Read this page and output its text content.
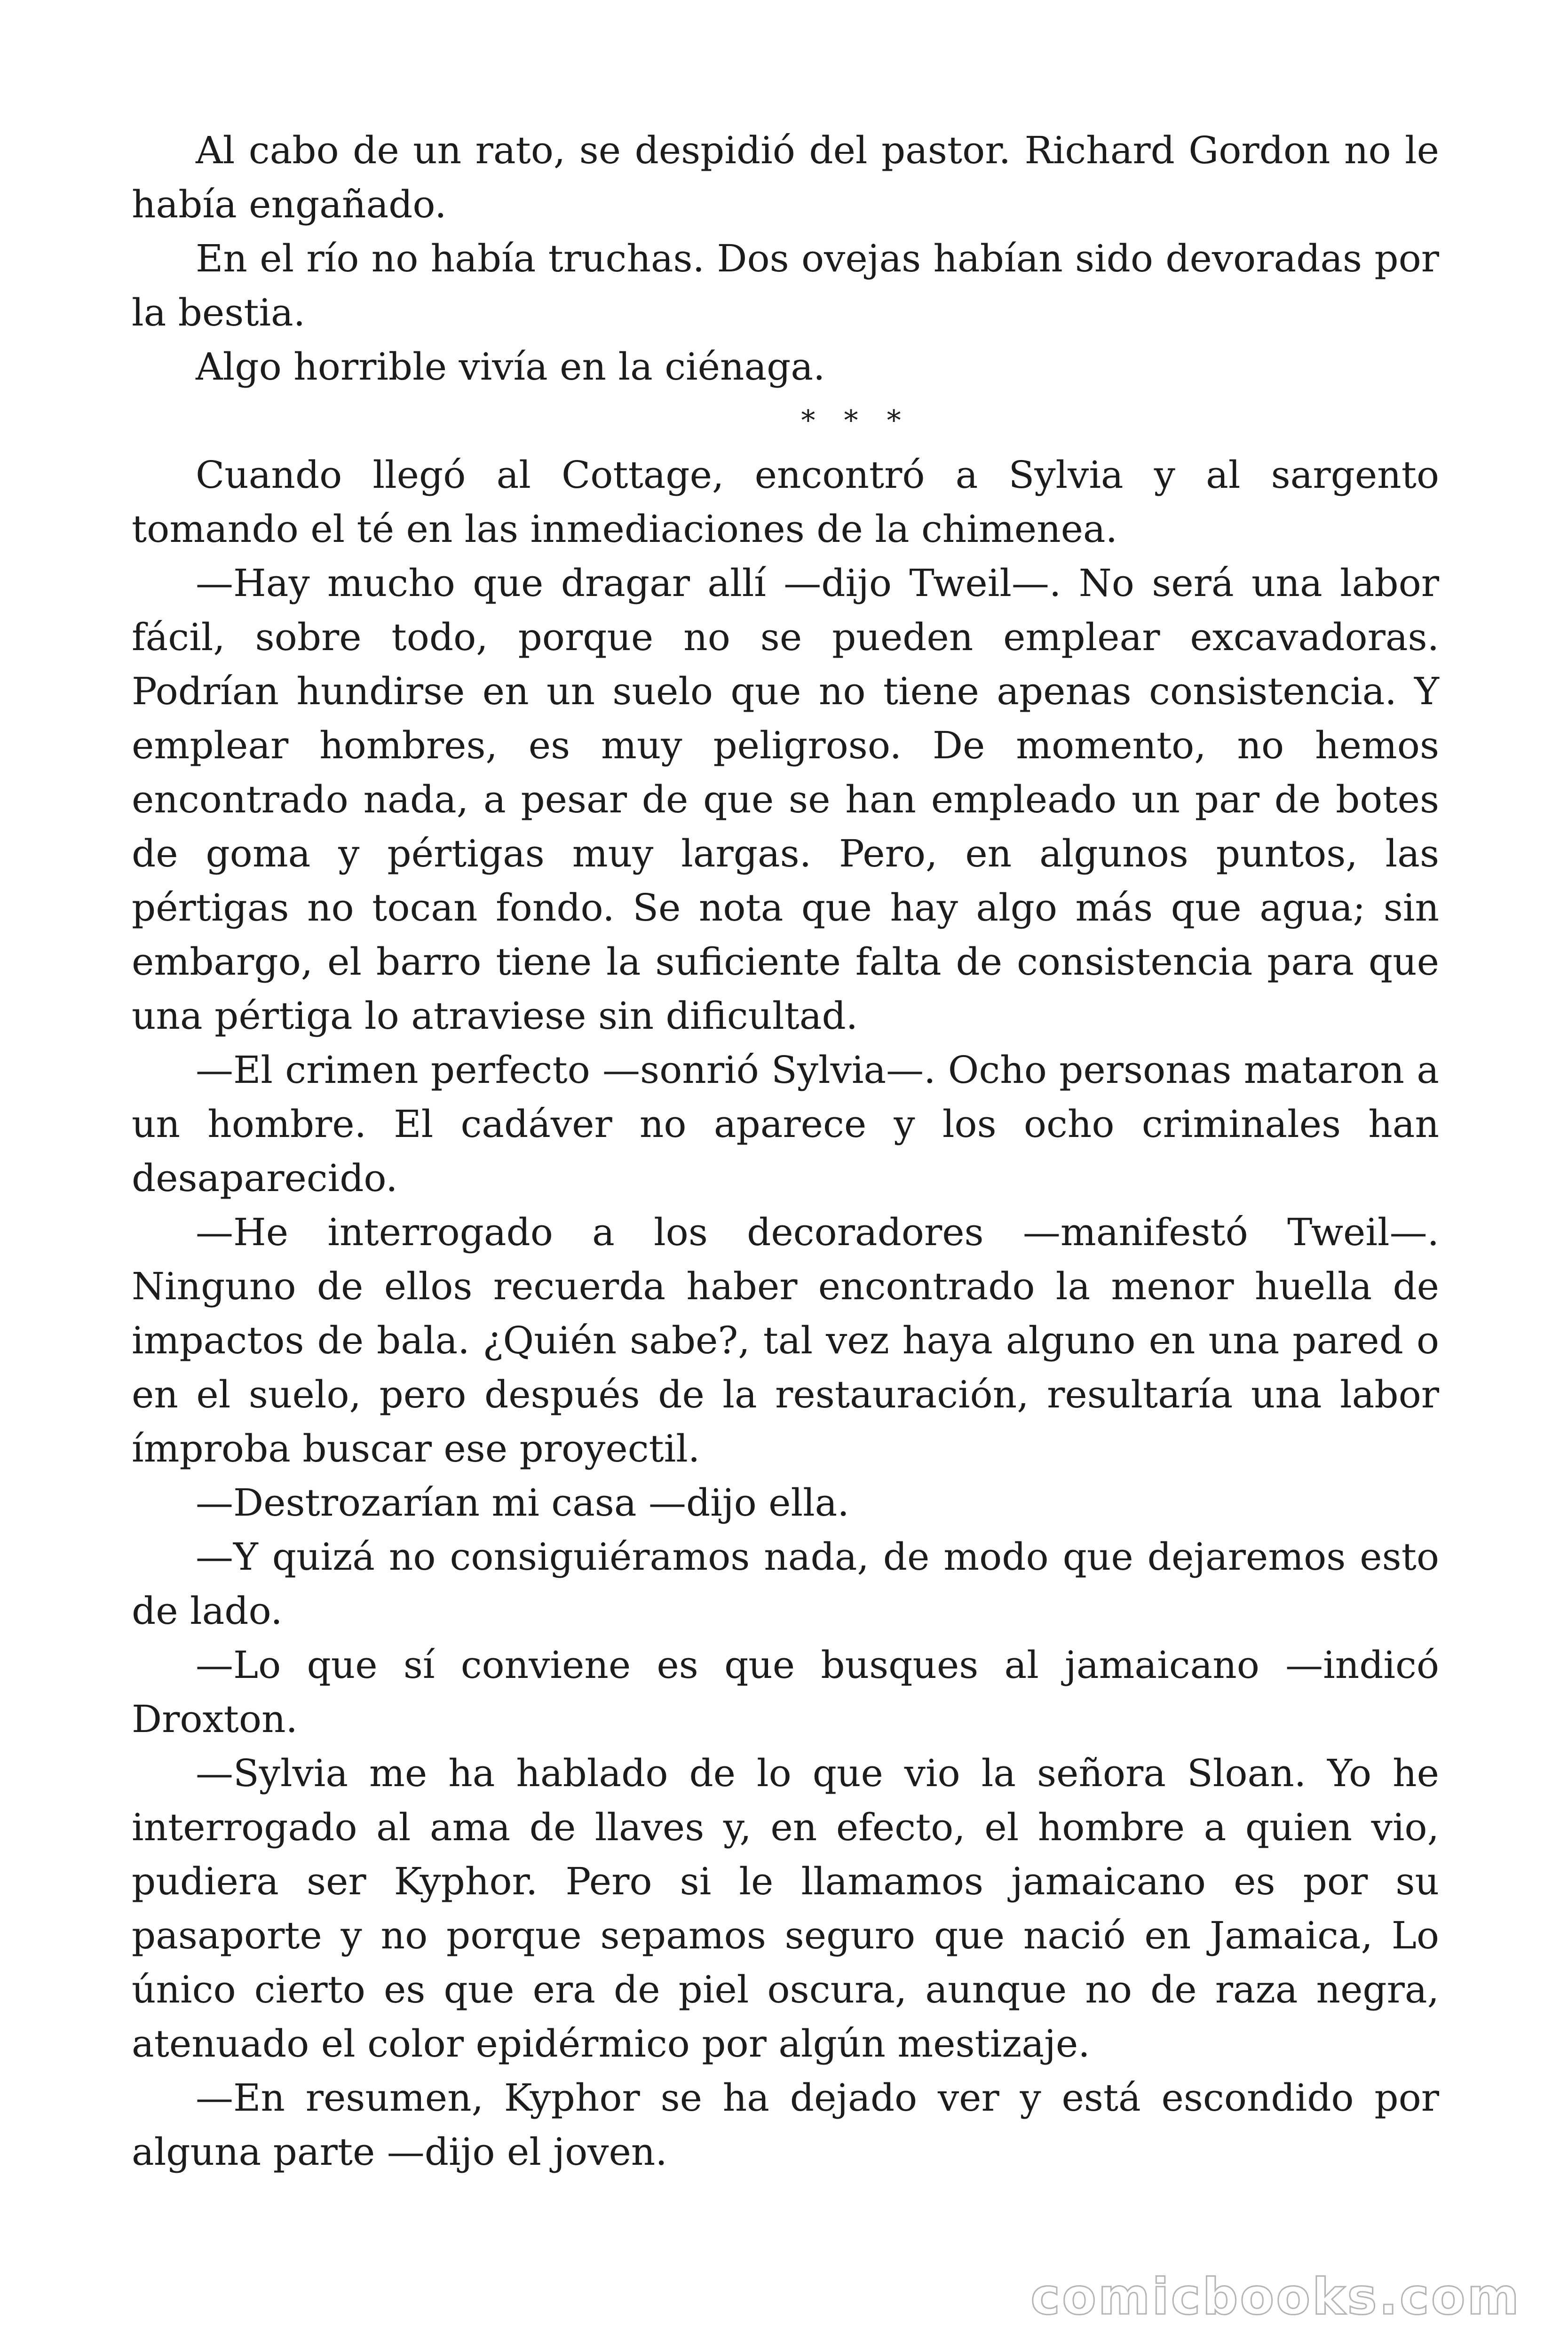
Al cabo de un rato, se despidió del pastor. Richard Gordon no le había engañado.

En el río no había truchas. Dos ovejas habían sido devoradas por la bestia.

Algo horrible vivía en la ciénaga.

* * *

Cuando llegó al Cottage, encontró a Sylvia y al sargento tomando el té en las inmediaciones de la chimenea.

—Hay mucho que dragar allí —dijo Tweil—. No será una labor fácil, sobre todo, porque no se pueden emplear excavadoras. Podrían hundirse en un suelo que no tiene apenas consistencia. Y emplear hombres, es muy peligroso. De momento, no hemos encontrado nada, a pesar de que se han empleado un par de botes de goma y pértigas muy largas. Pero, en algunos puntos, las pértigas no tocan fondo. Se nota que hay algo más que agua; sin embargo, el barro tiene la suficiente falta de consistencia para que una pértiga lo atraviese sin dificultad.

—El crimen perfecto —sonrió Sylvia—. Ocho personas mataron a un hombre. El cadáver no aparece y los ocho criminales han desaparecido.

—He interrogado a los decoradores —manifestó Tweil—. Ninguno de ellos recuerda haber encontrado la menor huella de impactos de bala. ¿Quién sabe?, tal vez haya alguno en una pared o en el suelo, pero después de la restauración, resultaría una labor ímproba buscar ese proyectil.

—Destrozarían mi casa —dijo ella.

—Y quizá no consiguiéramos nada, de modo que dejaremos esto de lado.

—Lo que sí conviene es que busques al jamaicano —indicó Droxton.

—Sylvia me ha hablado de lo que vio la señora Sloan. Yo he interrogado al ama de llaves y, en efecto, el hombre a quien vio, pudiera ser Kyphor. Pero si le llamamos jamaicano es por su pasaporte y no porque sepamos seguro que nació en Jamaica, Lo único cierto es que era de piel oscura, aunque no de raza negra, atenuado el color epidérmico por algún mestizaje.

—En resumen, Kyphor se ha dejado ver y está escondido por alguna parte —dijo el joven.

comicbooks.com
